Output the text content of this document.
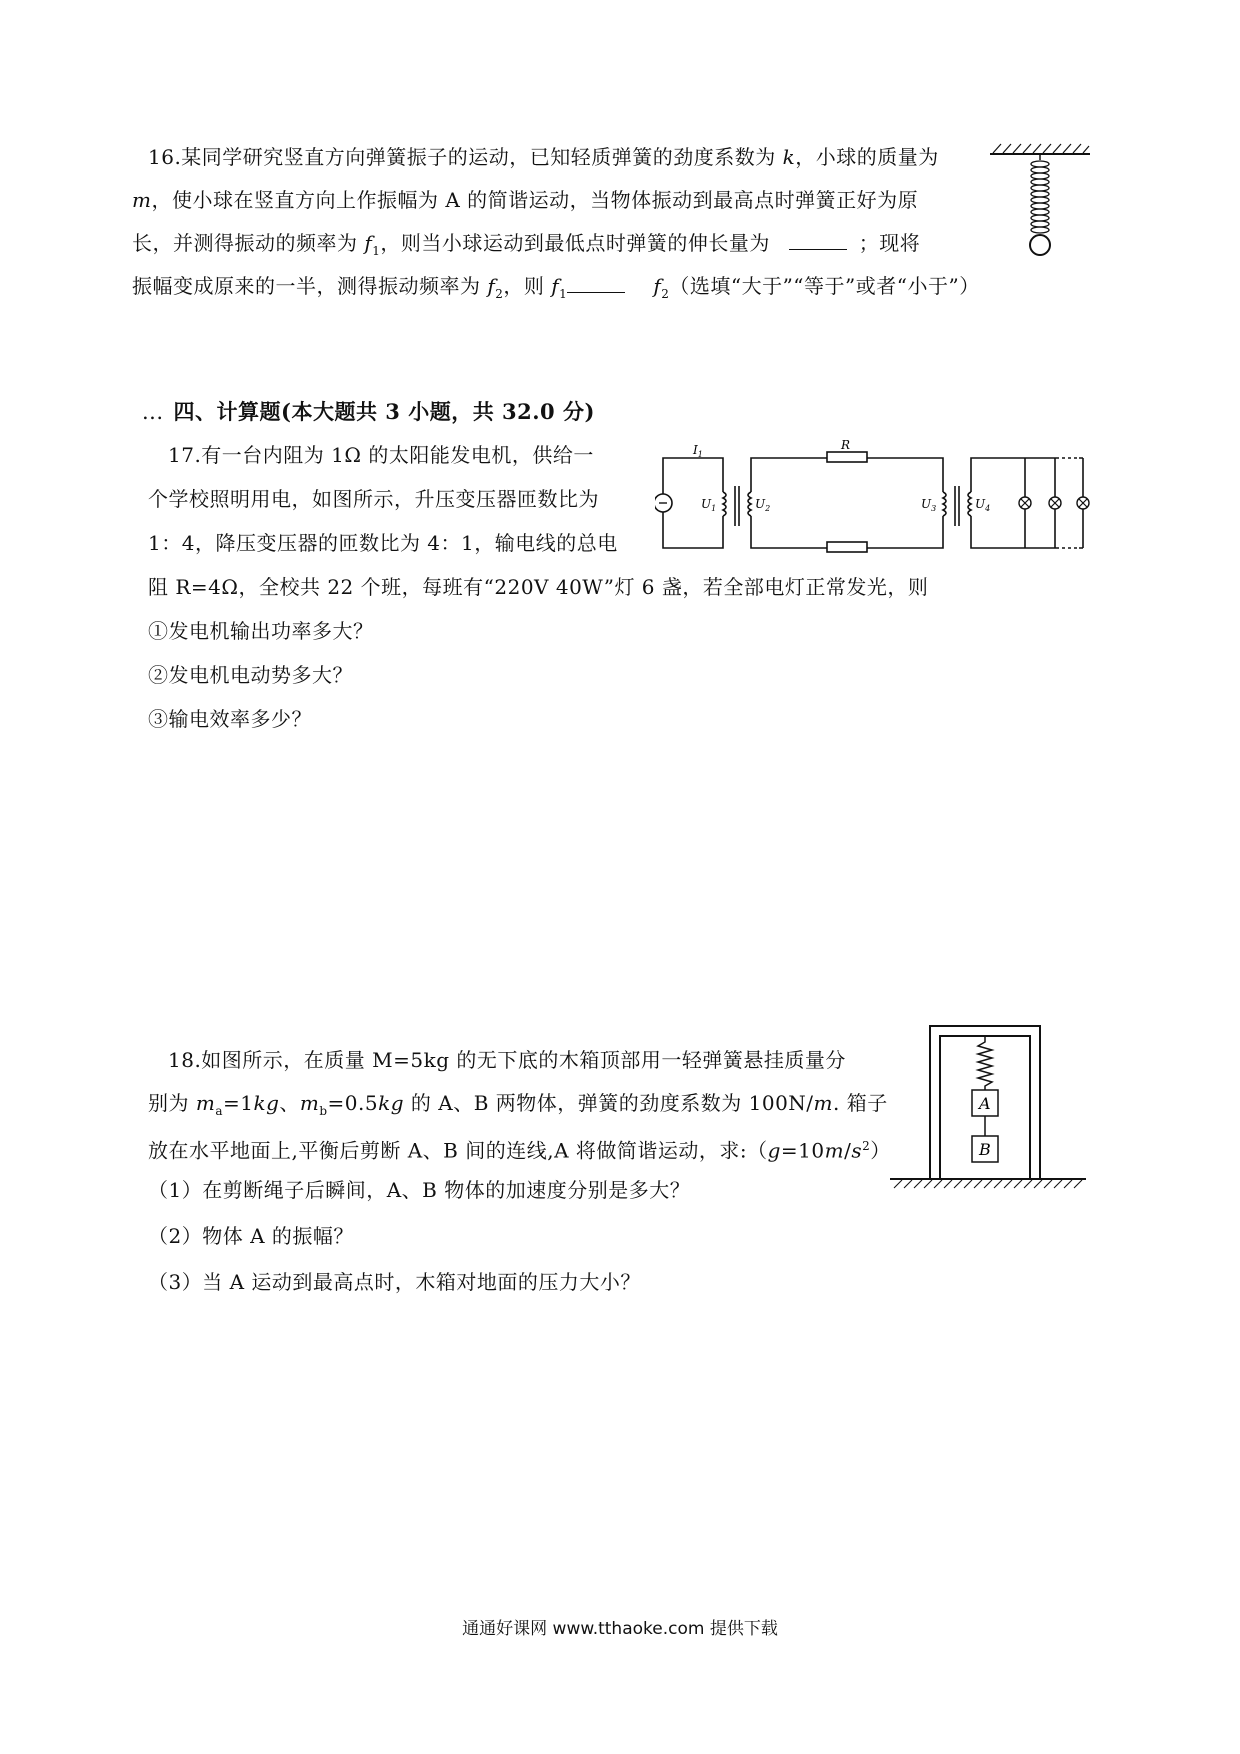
16.某同学研究竖直方向弹簧振子的运动，已知轻质弹簧的劲度系数为 k，小球的质量为
m，使小球在竖直方向上作振幅为 A 的简谐运动，当物体振动到最高点时弹簧正好为原
长，并测得振动的频率为 $f_1$，则当小球运动到最低点时弹簧的伸长量为	；现将
振幅变成原来的一半，测得振动频率为 $f_2$，则 $f_1$	$f_2$（选填“大于”“等于”或者“小于”）
... 四、计算题(本大题共 3 小题，共 32.0 分)
17.有一台内阻为 1Ω 的太阳能发电机，供给一
个学校照明用电，如图所示，升压变压器匝数比为
1：4，降压变压器的匝数比为 4：1，输电线的总电
阻 R=4Ω，全校共 22 个班，每班有“220V 40W”灯 6 盏，若全部电灯正常发光，则
①发电机输出功率多大？
②发电机电动势多大？
③输电效率多少？
$I_1$
R
$U_1$	$U_2$	$U_3$	$U_4$
18.如图所示，在质量 M=5kg 的无下底的木箱顶部用一轻弹簧悬挂质量分
别为 $m_a=1kg$、$m_b=0.5kg$ 的 A、B 两物体，弹簧的劲度系数为 100N/m. 箱子
放在水平地面上,平衡后剪断 A、B 间的连线,A 将做简谐运动，求$:(g=10m/s^2)$
（1）在剪断绳子后瞬间，A、B 物体的加速度分别是多大？
（2）物体 A 的振幅？
（3）当 A 运动到最高点时，木箱对地面的压力大小？
A
B
通通好课网 www.tthaoke.com 提供下载
